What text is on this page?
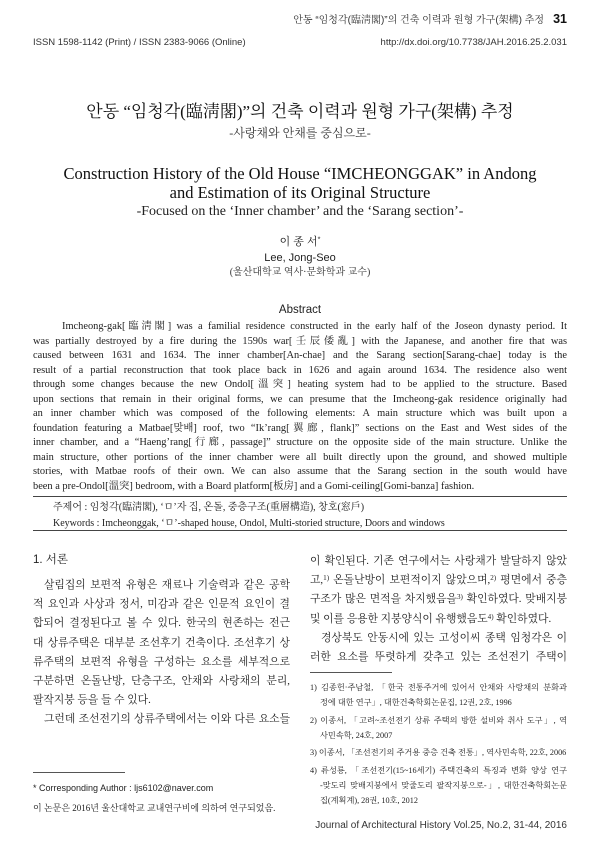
안동 “임청각(臨淸閣)”의 건축 이력과 원형 가구(架構) 추정 31
ISSN 1598-1142 (Print) / ISSN 2383-9066 (Online)	http://dx.doi.org/10.7738/JAH.2016.25.2.031
안동 “임청각(臨淸閣)”의 건축 이력과 원형 가구(架構) 추정
-사랑채와 안채를 중심으로-
Construction History of the Old House “IMCHEONGGAK” in Andong
and Estimation of its Original Structure
-Focused on the ‘Inner chamber’ and the ‘Sarang section’-
이 종 서*
Lee, Jong-Seo
(울산대학교 역사·문화학과 교수)
Abstract
Imcheong-gak[臨淸閣] was a familial residence constructed in the early half of the Joseon dynasty period. It
was partially destroyed by a fire during the 1590s war[壬辰倭亂] with the Japanese, and another fire that was
caused between 1631 and 1634. The inner chamber[An-chae] and the Sarang section[Sarang-chae] today is the
result of a partial reconstruction that took place back in 1626 and again around 1634. The residence also went
through some changes because the new Ondol[溫突] heating system had to be applied to the structure. Based
upon sections that remain in their original forms, we can presume that the Imcheong-gak residence originally had
an inner chamber which was composed of the following elements: A main structure which was built upon a
foundation featuring a Matbae[맞배] roof, two “Ik’rang[翼廊, flank]” sections on the East and West sides of the
inner chamber, and a “Haeng’rang[行廊, passage]” structure on the opposite side of the main structure. Unlike the
main structure, other portions of the inner chamber were all built directly upon the ground, and showed multiple
stories, with Matbae roofs of their own. We can also assume that the Sarang section in the south would have
been a pre-Ondol[溫突] bedroom, with a Board platform[板房] and a Gomi-ceiling[Gomi-banza] fashion.
주제어 : 임청각(臨淸閣), ‘ㅁ’자 집, 온돌, 중층구조(重層構造), 창호(窓戶)
Keywords : Imcheonggak, ‘ㅁ’-shaped house, Ondol, Multi-storied structure, Doors and windows
1. 서론
살림집의 보편적 유형은 재료나 기술력과 같은 공학
적 요인과 사상과 정서, 미감과 같은 인문적 요인이 결
합되어 결정된다고 볼 수 있다. 한국의 현존하는 전근
대 상류주택은 대부분 조선후기 건축이다. 조선후기 상
류주택의 보편적 유형을 구성하는 요소를 세부적으로
구분하면 온돌난방, 단층구조, 안채와 사랑채의 분리,
팔작지붕 등을 들 수 있다.
그런데 조선전기의 상류주택에서는 이와 다른 요소들
이 확인된다. 기존 연구에서는 사랑채가 발달하지 않았
고,$^{1)}$ 온돌난방이 보편적이지 않았으며,$^{2)}$ 평면에서 중층
구조가 많은 면적을 차지했음을$^{3)}$ 확인하였다. 맞배지붕
및 이를 응용한 지붕양식이 유행했음도$^{4)}$ 확인하였다.
경상북도 안동시에 있는 고성이씨 종택 임청각은 이
러한 요소를 뚜렷하게 갖추고 있는 조선전기 주택이
1) 김종헌·주남철, 「한국 전통주거에 있어서 안채와 사랑채의 분화과
정에 대한 연구」, 대한건축학회논문집, 12권, 2호, 1996
2) 이종서, 「고려~조선전기 상류 주택의 방한 설비와 취사 도구」, 역
사민속학, 24호, 2007
3) 이종서, 「조선전기의 주거용 중층 건축 전통」, 역사민속학, 22호, 2006
4) 류성룡, 「조선전기(15~16세기) 주택건축의 특징과 변화 양상 연구
-맞도리 맞배지붕에서 맞줄도리 팔작지붕으로-」, 대한건축학회논문
집(계획계), 28권, 10호, 2012
* Corresponding Author : ljs6102@naver.com
이 논문은 2016년 울산대학교 교내연구비에 의하여 연구되었음.
Journal of Architectural History Vol.25, No.2, 31-44, 2016
